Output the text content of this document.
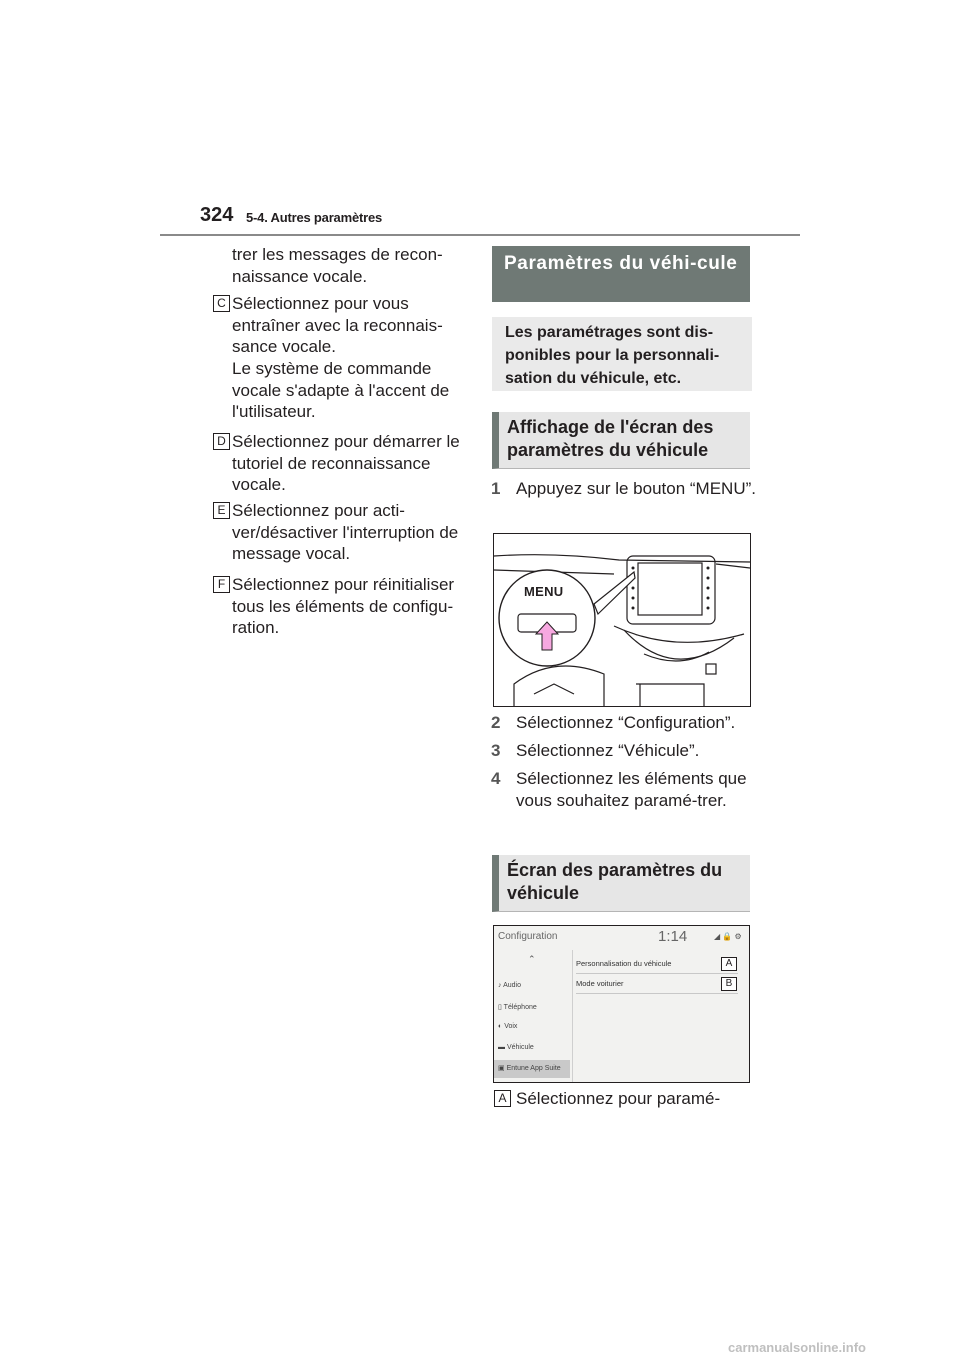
324 5-4. Autres paramètres
trer les messages de recon-naissance vocale.
C Sélectionnez pour vous entraîner avec la reconnais-sance vocale.
Le système de commande vocale s'adapte à l'accent de l'utilisateur.
D Sélectionnez pour démarrer le tutoriel de reconnaissance vocale.
E Sélectionnez pour acti-ver/désactiver l'interruption de message vocal.
F Sélectionnez pour réinitialiser tous les éléments de configu-ration.
Paramètres du véhi-cule
Les paramétrages sont dis-ponibles pour la personnali-sation du véhicule, etc.
Affichage de l'écran des paramètres du véhicule
1 Appuyez sur le bouton “MENU”.
MENU
2 Sélectionnez “Configuration”.
3 Sélectionnez “Véhicule”.
4 Sélectionnez les éléments que vous souhaitez paramé-trer.
Écran des paramètres du véhicule
Configuration	1:14	◢ 🔒 ⚙
⌃
♪ Audio
▯ Téléphone
◐ Voix
▬ Véhicule
▣ Entune App Suite
Personnalisation du véhicule
Mode voiturier
A
B
A Sélectionnez pour paramé-
carmanualsonline.info
